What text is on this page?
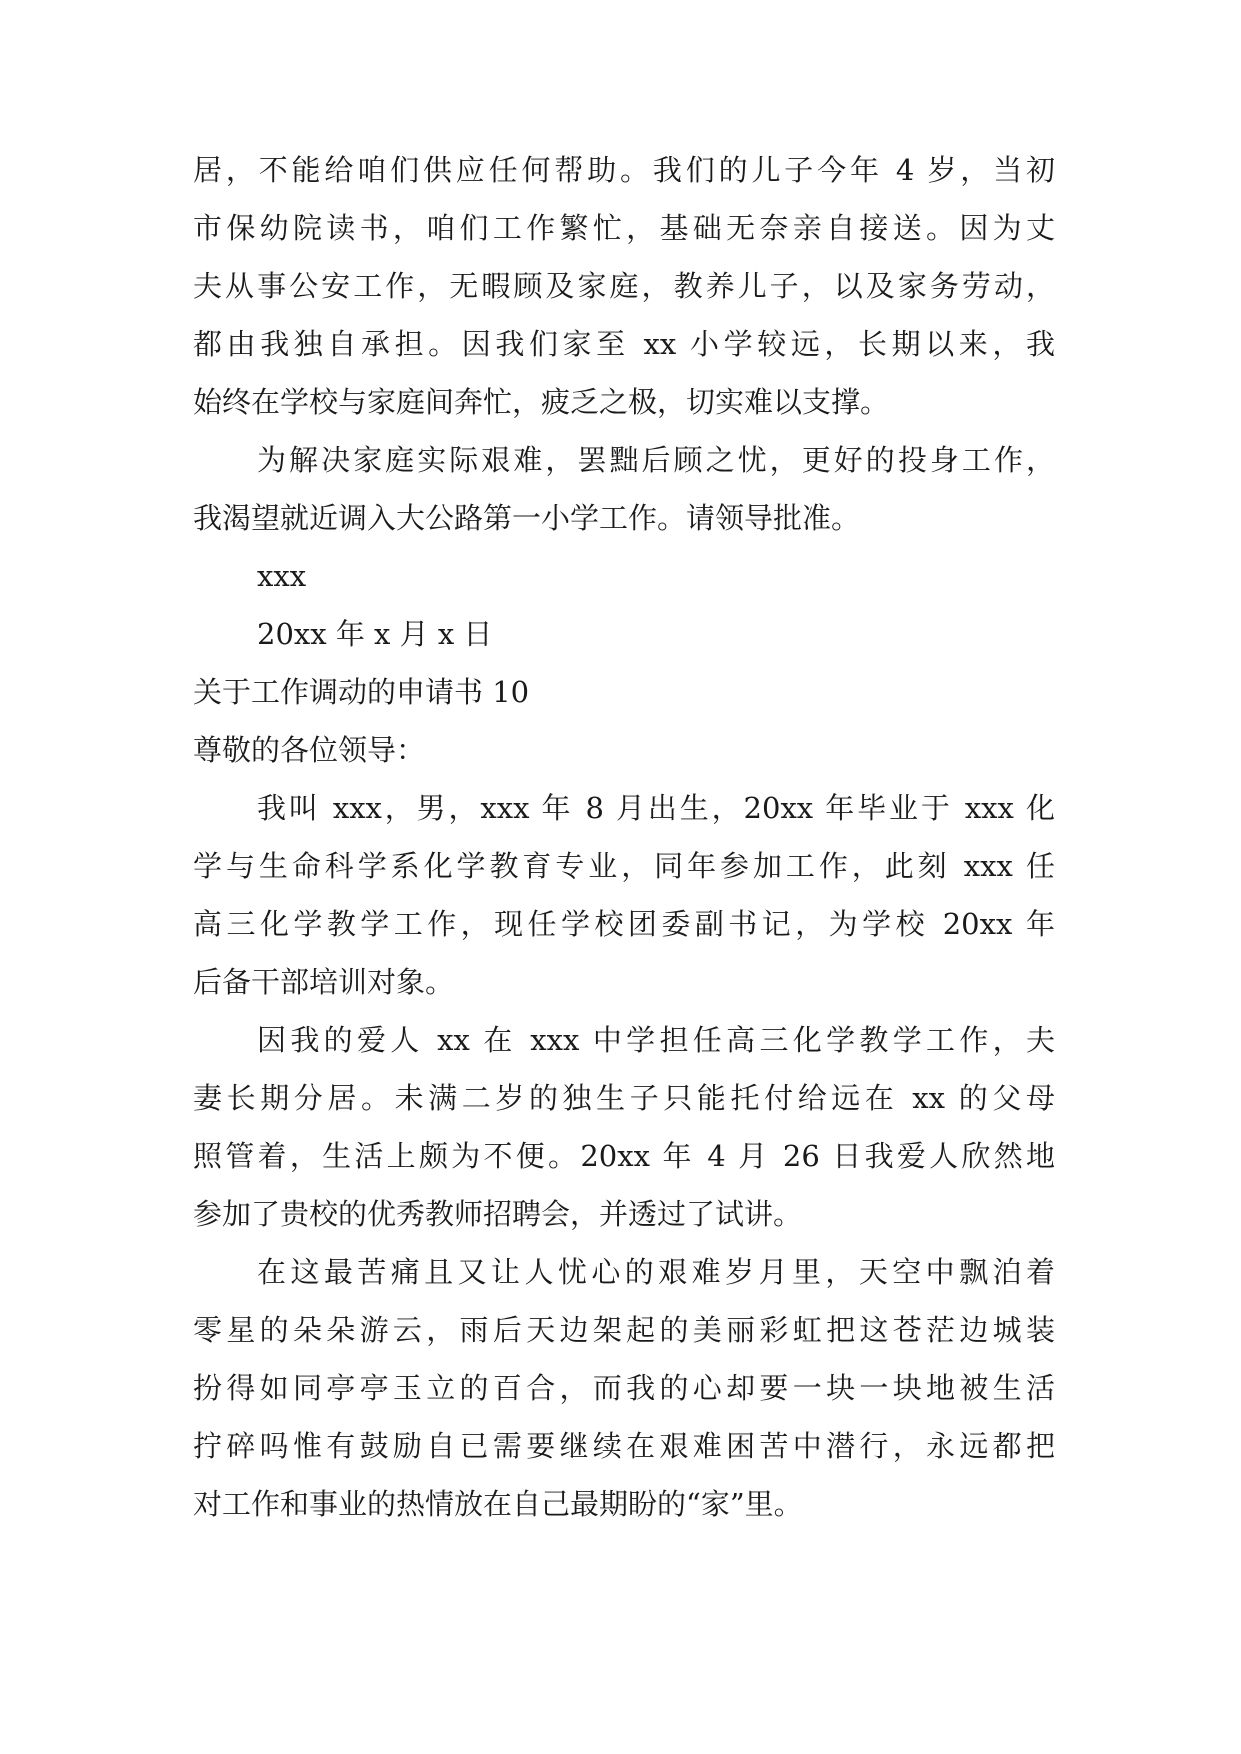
居，不能给咱们供应任何帮助。我们的儿子今年 4 岁，当初
市保幼院读书，咱们工作繁忙，基础无奈亲自接送。因为丈
夫从事公安工作，无暇顾及家庭，教养儿子，以及家务劳动，
都由我独自承担。因我们家至 xx 小学较远，长期以来，我
始终在学校与家庭间奔忙，疲乏之极，切实难以支撑。
为解决家庭实际艰难，罢黜后顾之忧，更好的投身工作，
我渴望就近调入大公路第一小学工作。请领导批准。
xxx
20xx 年 x 月 x 日
关于工作调动的申请书 10
尊敬的各位领导：
我叫 xxx，男，xxx 年 8 月出生，20xx 年毕业于 xxx 化
学与生命科学系化学教育专业，同年参加工作，此刻 xxx 任
高三化学教学工作，现任学校团委副书记，为学校 20xx 年
后备干部培训对象。
因我的爱人 xx 在 xxx 中学担任高三化学教学工作，夫
妻长期分居。未满二岁的独生子只能托付给远在 xx 的父母
照管着，生活上颇为不便。20xx 年 4 月 26 日我爱人欣然地
参加了贵校的优秀教师招聘会，并透过了试讲。
在这最苦痛且又让人忧心的艰难岁月里，天空中飘泊着
零星的朵朵游云，雨后天边架起的美丽彩虹把这苍茫边城装
扮得如同亭亭玉立的百合，而我的心却要一块一块地被生活
拧碎吗惟有鼓励自已需要继续在艰难困苦中潜行，永远都把
对工作和事业的热情放在自己最期盼的“家”里。
